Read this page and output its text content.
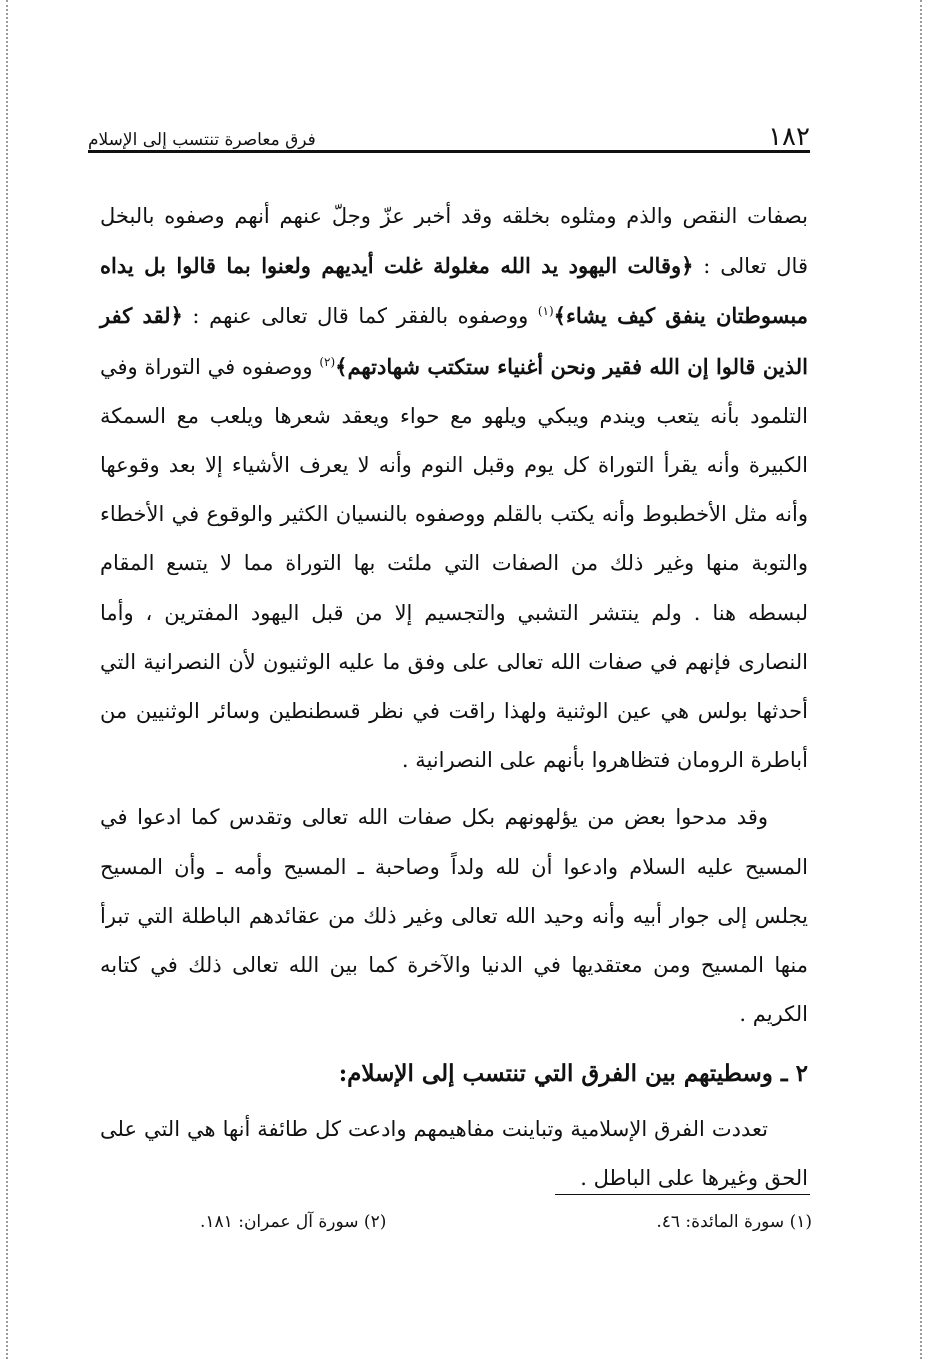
١٨٢
فرق معاصرة تنتسب إلى الإسلام

بصفات النقص والذم ومثلوه بخلقه وقد أخبر عزّ وجلّ عنهم أنهم وصفوه بالبخل قال تعالى : ﴿وقالت اليهود يد الله مغلولة غلت أيديهم ولعنوا بما قالوا بل يداه مبسوطتان ينفق كيف يشاء﴾$^{(١)}$ ووصفوه بالفقر كما قال تعالى عنهم : ﴿لقد كفر الذين قالوا إن الله فقير ونحن أغنياء ستكتب شهادتهم﴾$^{(٢)}$ ووصفوه في التوراة وفي التلمود بأنه يتعب ويندم ويبكي ويلهو مع حواء ويعقد شعرها ويلعب مع السمكة الكبيرة وأنه يقرأ التوراة كل يوم وقبل النوم وأنه لا يعرف الأشياء إلا بعد وقوعها وأنه مثل الأخطبوط وأنه يكتب بالقلم ووصفوه بالنسيان الكثير والوقوع في الأخطاء والتوبة منها وغير ذلك من الصفات التي ملئت بها التوراة مما لا يتسع المقام لبسطه هنا . ولم ينتشر التشبي والتجسيم إلا من قبل اليهود المفترين ، وأما النصارى فإنهم في صفات الله تعالى على وفق ما عليه الوثنيون لأن النصرانية التي أحدثها بولس هي عين الوثنية ولهذا راقت في نظر قسطنطين وسائر الوثنيين من أباطرة الرومان فتظاهروا بأنهم على النصرانية .

وقد مدحوا بعض من يؤلهونهم بكل صفات الله تعالى وتقدس كما ادعوا في المسيح عليه السلام وادعوا أن لله ولداً وصاحبة ـ المسيح وأمه ـ وأن المسيح يجلس إلى جوار أبيه وأنه وحيد الله تعالى وغير ذلك من عقائدهم الباطلة التي تبرأ منها المسيح ومن معتقديها في الدنيا والآخرة كما بين الله تعالى ذلك في كتابه الكريم .

٢ ـ وسطيتهم بين الفرق التي تنتسب إلى الإسلام:

تعددت الفرق الإسلامية وتباينت مفاهيمهم وادعت كل طائفة أنها هي التي على الحق وغيرها على الباطل .

(١) سورة المائدة: ٤٦.
(٢) سورة آل عمران: ١٨١.
